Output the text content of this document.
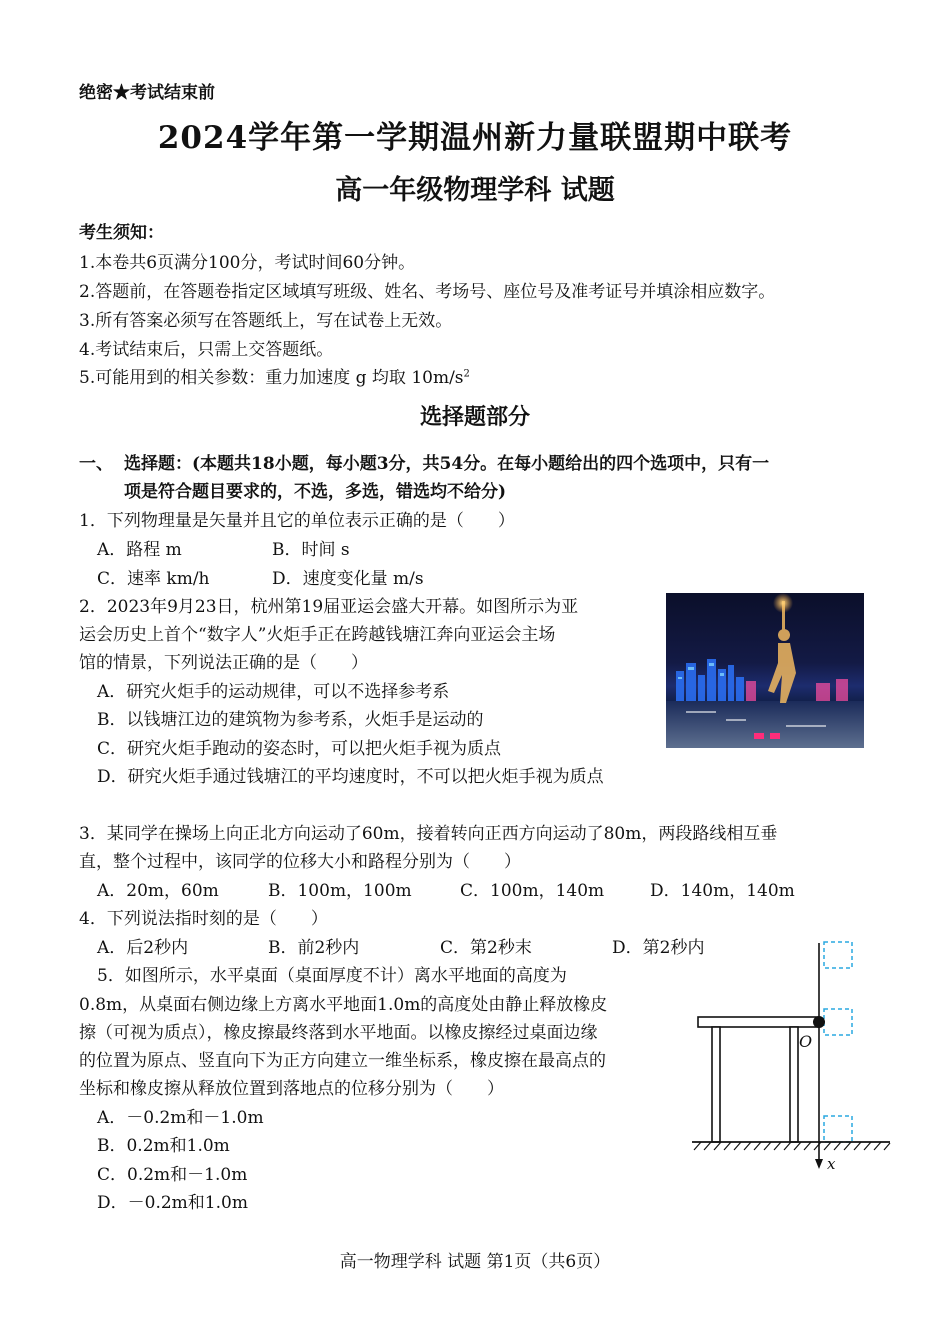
绝密★考试结束前
2024学年第一学期温州新力量联盟期中联考
高一年级物理学科 试题
考生须知：
1.本卷共6页满分100分，考试时间60分钟。
2.答题前，在答题卷指定区域填写班级、姓名、考场号、座位号及准考证号并填涂相应数字。
3.所有答案必须写在答题纸上，写在试卷上无效。
4.考试结束后，只需上交答题纸。
5.可能用到的相关参数：重力加速度 g 均取 $10m/s^2$
选择题部分
一、 选择题：(本题共18小题，每小题3分，共54分。在每小题给出的四个选项中，只有一
项是符合题目要求的，不选，多选，错选均不给分)
1．下列物理量是矢量并且它的单位表示正确的是（　　）
A．路程 m	B．时间 s
C．速率 km/h	D．速度变化量 m/s
2．2023年9月23日，杭州第19届亚运会盛大开幕。如图所示为亚
运会历史上首个“数字人”火炬手正在跨越钱塘江奔向亚运会主场
馆的情景，下列说法正确的是（　　）
A．研究火炬手的运动规律，可以不选择参考系
B．以钱塘江边的建筑物为参考系，火炬手是运动的
C．研究火炬手跑动的姿态时，可以把火炬手视为质点
D．研究火炬手通过钱塘江的平均速度时，不可以把火炬手视为质点
3．某同学在操场上向正北方向运动了60m，接着转向正西方向运动了80m，两段路线相互垂
直，整个过程中，该同学的位移大小和路程分别为（　　）
A．20m，60m	B．100m，100m	C．100m，140m	D．140m，140m
4．下列说法指时刻的是（　　）
A．后2秒内	B．前2秒内	C．第2秒末	D．第2秒内
5．如图所示，水平桌面（桌面厚度不计）离水平地面的高度为
0.8m，从桌面右侧边缘上方离水平地面1.0m的高度处由静止释放橡皮
擦（可视为质点），橡皮擦最终落到水平地面。以橡皮擦经过桌面边缘
的位置为原点、竖直向下为正方向建立一维坐标系，橡皮擦在最高点的
坐标和橡皮擦从释放位置到落地点的位移分别为（　　）
A．－0.2m和－1.0m
B．0.2m和1.0m
C．0.2m和－1.0m
D．－0.2m和1.0m
O
x
高一物理学科 试题 第1页（共6页）
